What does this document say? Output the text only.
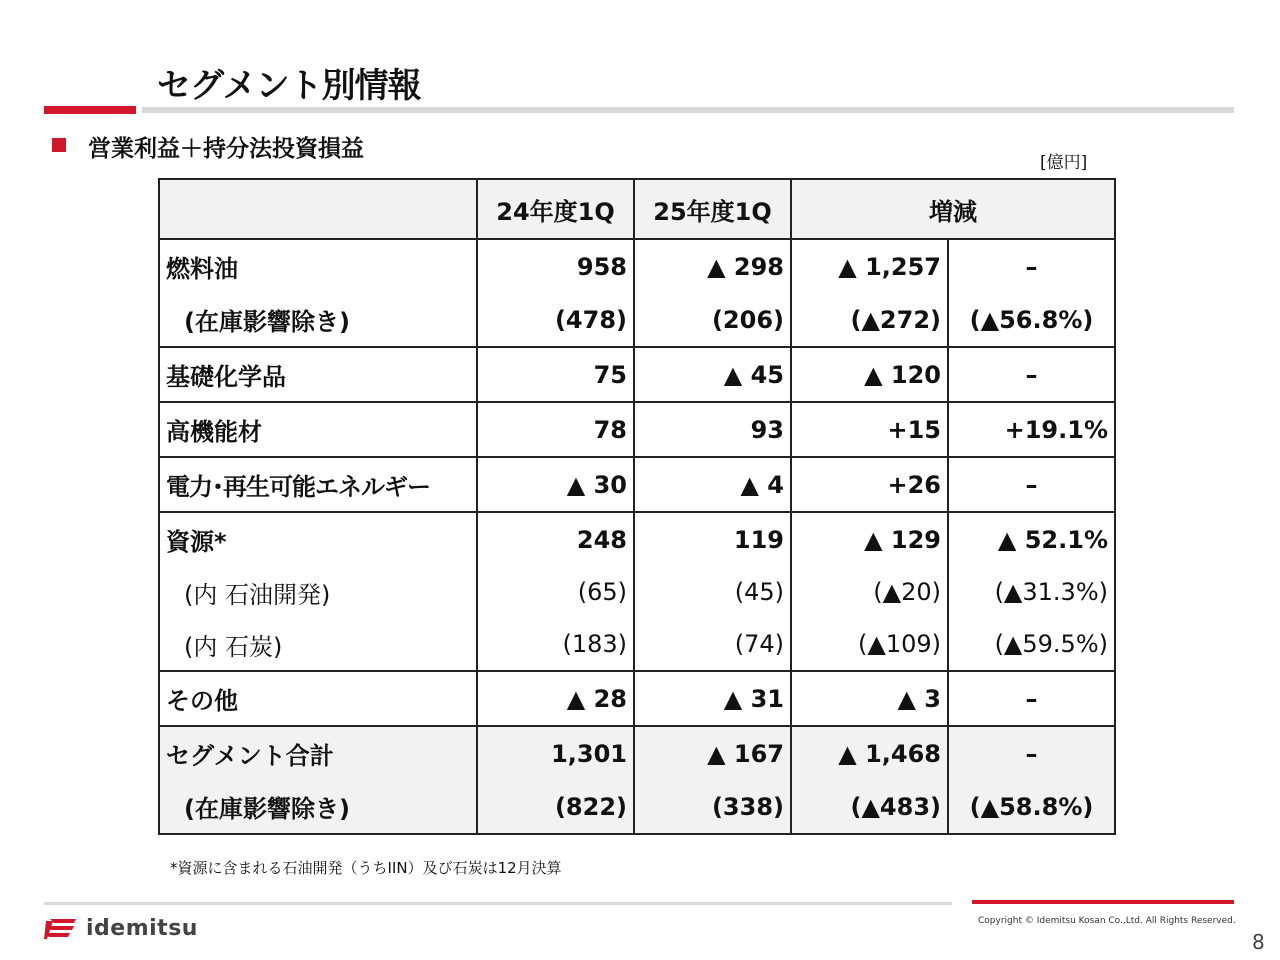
セグメント別情報
営業利益＋持分法投資損益
[億円]
	24年度1Q	25年度1Q	増減	
燃料油	958	▲ 298	▲ 1,257	–
(在庫影響除き)	(478)	(206)	(▲272)	(▲56.8%)
基礎化学品	75	▲ 45	▲ 120	–
高機能材	78	93	+15	+19.1%
電力･再生可能エネルギー	▲ 30	▲ 4	+26	–
資源*	248	119	▲ 129	▲ 52.1%
(内 石油開発)	(65)	(45)	(▲20)	(▲31.3%)
(内 石炭)	(183)	(74)	(▲109)	(▲59.5%)
その他	▲ 28	▲ 31	▲ 3	–
セグメント合計	1,301	▲ 167	▲ 1,468	–
(在庫影響除き)	(822)	(338)	(▲483)	(▲58.8%)
*資源に含まれる石油開発（うちIIN）及び石炭は12月決算
idemitsu	Copyright © Idemitsu Kosan Co.,Ltd. All Rights Reserved.
8
